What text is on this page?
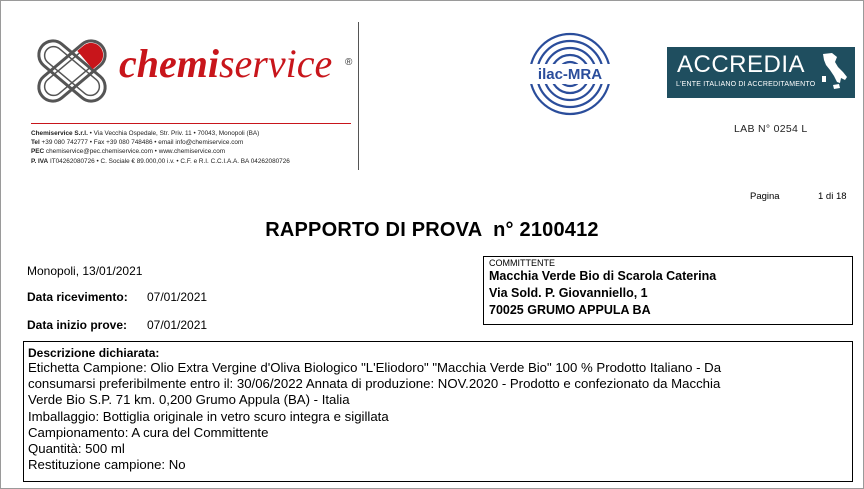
chemiservice ®
Chemiservice S.r.l. • Via Vecchia Ospedale, Str. Priv. 11 • 70043, Monopoli (BA)
Tel +39 080 742777 • Fax +39 080 748486 • email info@chemiservice.com
PEC chemiservice@pec.chemiservice.com • www.chemiservice.com
P. IVA IT04262080726 • C. Sociale € 89.000,00 i.v. • C.F. e R.I. C.C.I.A.A. BA 04262080726
ilac-MRA	ACCREDIA
L'ENTE ITALIANO DI ACCREDITAMENTO
LAB N° 0254 L
Pagina	1 di 18
RAPPORTO DI PROVA  n° 2100412
Monopoli, 13/01/2021
Data ricevimento: 07/01/2021
Data inizio prove: 07/01/2021
COMMITTENTE
Macchia Verde Bio di Scarola Caterina
Via Sold. P. Giovanniello, 1
70025 GRUMO APPULA BA
Descrizione dichiarata:
Etichetta Campione: Olio Extra Vergine d'Oliva Biologico "L'Eliodoro" "Macchia Verde Bio" 100 % Prodotto Italiano - Da
consumarsi preferibilmente entro il: 30/06/2022 Annata di produzione: NOV.2020 - Prodotto e confezionato da Macchia
Verde Bio S.P. 71 km. 0,200 Grumo Appula (BA) - Italia
Imballaggio: Bottiglia originale in vetro scuro integra e sigillata
Campionamento: A cura del Committente
Quantità: 500 ml
Restituzione campione: No
